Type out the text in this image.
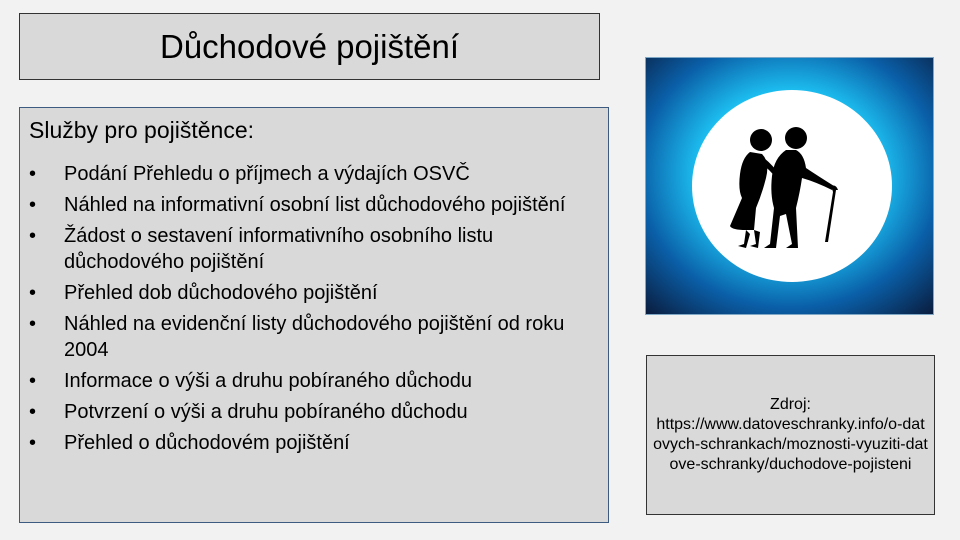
Důchodové pojištění
Služby pro pojištěnce:
•	Podání Přehledu o příjmech a výdajích OSVČ
•	Náhled na informativní osobní list důchodového pojištění
•	Žádost o sestavení informativního osobního listu důchodového pojištění
•	Přehled dob důchodového pojištění
•	Náhled na evidenční listy důchodového pojištění od roku 2004
•	Informace o výši a druhu pobíraného důchodu
•	Potvrzení o výši a druhu pobíraného důchodu
•	Přehled o důchodovém pojištění
Zdroj:
https://www.datoveschranky.info/o-datovych-schrankach/moznosti-vyuziti-datove-schranky/duchodove-pojisteni
